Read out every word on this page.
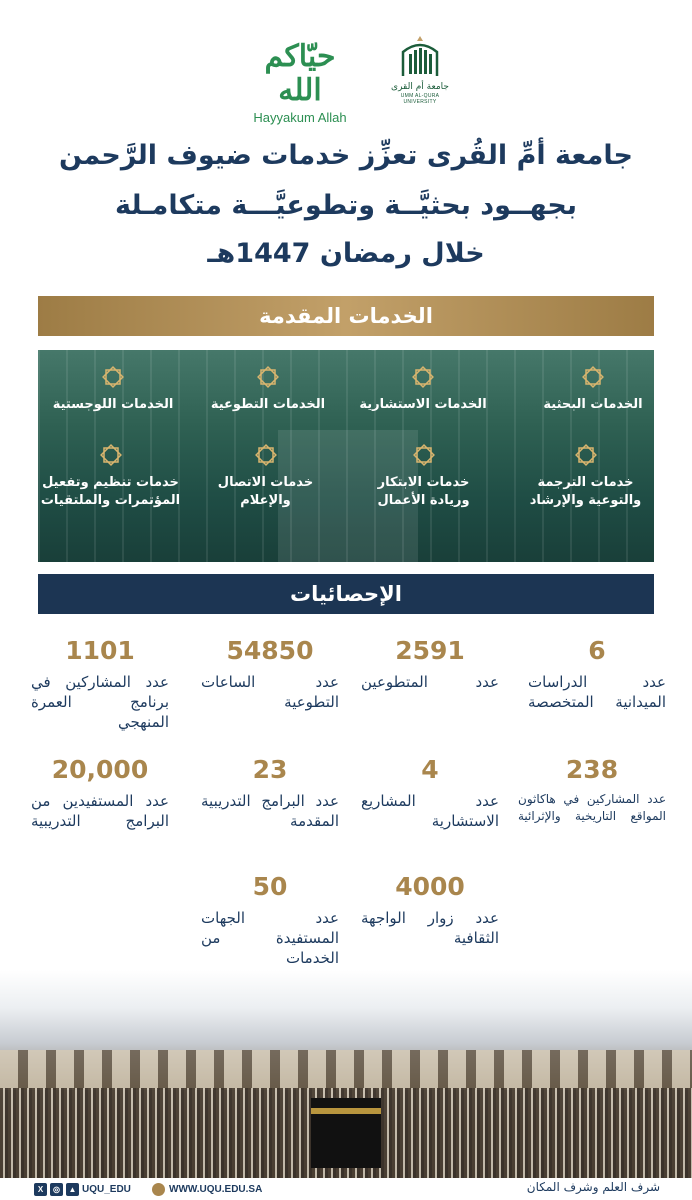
حيّاكم الله
Hayyakum Allah
جامعة أم القرى
UMM AL-QURA UNIVERSITY
جامعة أمِّ القُرى تعزِّز خدمات ضيوف الرَّحمن
بجهــود بحثيَّــة وتطوعيَّـــة متكامـلة
خلال رمضان 1447هـ
الخدمات المقدمة
الخدمات البحثية
الخدمات الاستشارية
الخدمات التطوعية
الخدمات اللوجستية
خدمات الترجمة والتوعية والإرشاد
خدمات الابتكار وريادة الأعمال
خدمات الاتصال والإعلام
خدمات تنظيم وتفعيل المؤتمرات والملتقيات
الإحصائيات
6
عدد الدراسات الميدانية المتخصصة
2591
عدد المتطوعين
54850
عدد الساعات التطوعية
1101
عدد المشاركين في برنامج العمرة المنهجي
238
عدد المشاركين في هاكاثون المواقع التاريخية والإثرائية
4
عدد المشاريع الاستشارية
23
عدد البرامج التدريبية المقدمة
20,000
عدد المستفيدين من البرامج التدريبية
4000
عدد زوار الواجهة الثقافية
50
عدد الجهات المستفيدة من الخدمات
X	◎	▲ UQU_EDU	WWW.UQU.EDU.SA	شرف العلم وشرف المكان
